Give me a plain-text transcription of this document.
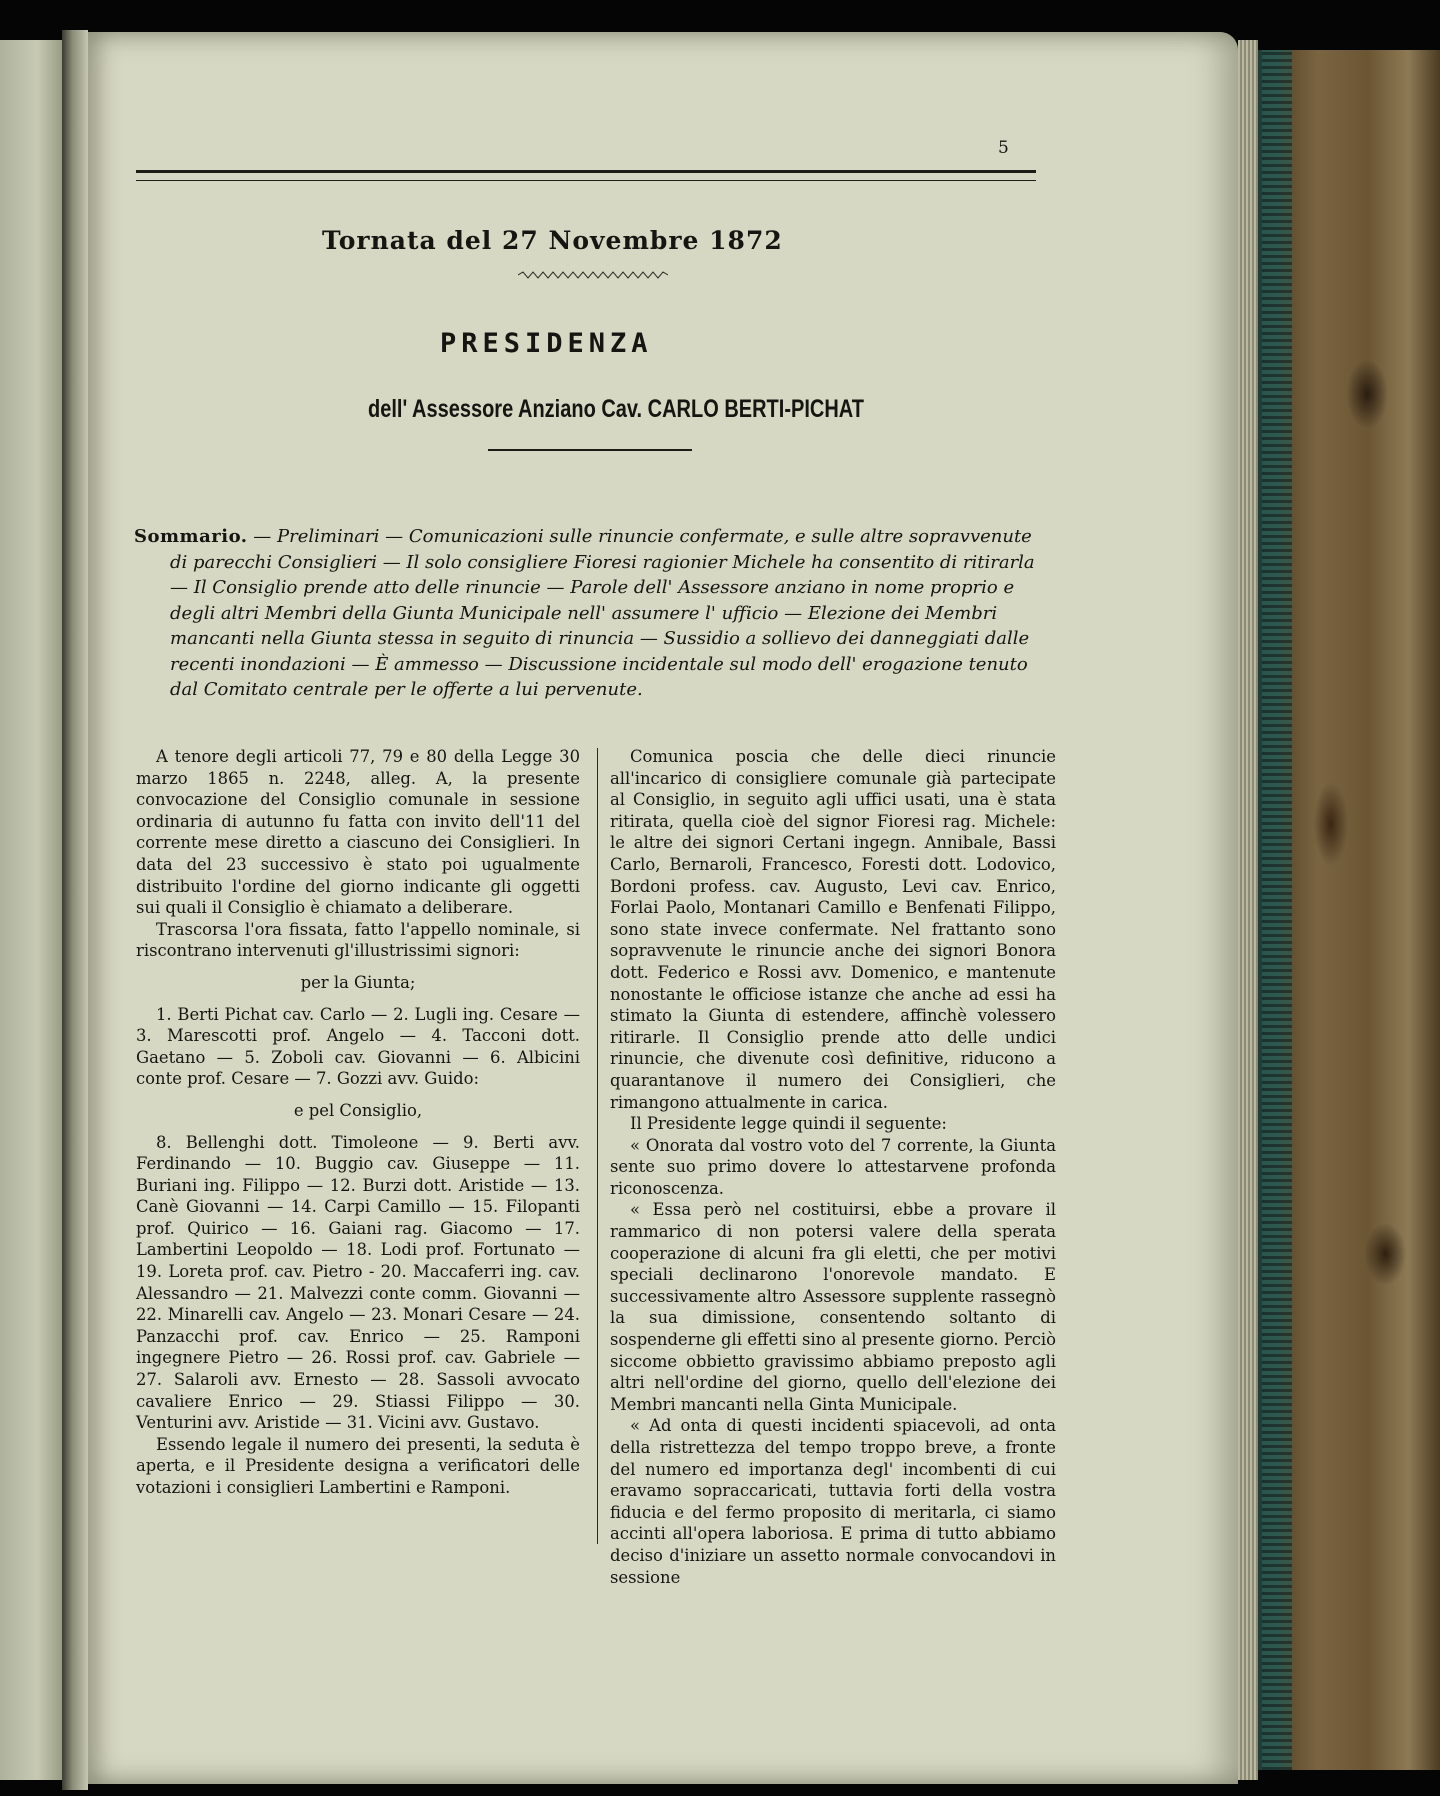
5
Tornata del 27 Novembre 1872
PRESIDENZA
dell' Assessore Anziano Cav. CARLO BERTI-PICHAT

Sommario. — Preliminari — Comunicazioni sulle rinuncie confermate, e sulle altre sopravvenute di parecchi Consiglieri — Il solo consigliere Fioresi ragionier Michele ha consentito di ritirarla — Il Consiglio prende atto delle rinuncie — Parole dell' Assessore anziano in nome proprio e degli altri Membri della Giunta Municipale nell' assumere l' ufficio — Elezione dei Membri mancanti nella Giunta stessa in seguito di rinuncia — Sussidio a sollievo dei danneggiati dalle recenti inondazioni — È ammesso — Discussione incidentale sul modo dell' erogazione tenuto dal Comitato centrale per le offerte a lui pervenute.

A tenore degli articoli 77, 79 e 80 della Legge 30 marzo 1865 n. 2248, alleg. A, la presente convocazione del Consiglio comunale in sessione ordinaria di autunno fu fatta con invito dell'11 del corrente mese diretto a ciascuno dei Consiglieri. In data del 23 successivo è stato poi ugualmente distribuito l'ordine del giorno indicante gli oggetti sui quali il Consiglio è chiamato a deliberare.

Trascorsa l'ora fissata, fatto l'appello nominale, si riscontrano intervenuti gl'illustrissimi signori:

per la Giunta;

1. Berti Pichat cav. Carlo — 2. Lugli ing. Cesare — 3. Marescotti prof. Angelo — 4. Tacconi dott. Gaetano — 5. Zoboli cav. Giovanni — 6. Albicini conte prof. Cesare — 7. Gozzi avv. Guido:

e pel Consiglio,

8. Bellenghi dott. Timoleone — 9. Berti avv. Ferdinando — 10. Buggio cav. Giuseppe — 11. Buriani ing. Filippo — 12. Burzi dott. Aristide — 13. Canè Giovanni — 14. Carpi Camillo — 15. Filopanti prof. Quirico — 16. Gaiani rag. Giacomo — 17. Lambertini Leopoldo — 18. Lodi prof. Fortunato — 19. Loreta prof. cav. Pietro - 20. Maccaferri ing. cav. Alessandro — 21. Malvezzi conte comm. Giovanni — 22. Minarelli cav. Angelo — 23. Monari Cesare — 24. Panzacchi prof. cav. Enrico — 25. Ramponi ingegnere Pietro — 26. Rossi prof. cav. Gabriele — 27. Salaroli avv. Ernesto — 28. Sassoli avvocato cavaliere Enrico — 29. Stiassi Filippo — 30. Venturini avv. Aristide — 31. Vicini avv. Gustavo.

Essendo legale il numero dei presenti, la seduta è aperta, e il Presidente designa a verificatori delle votazioni i consiglieri Lambertini e Ramponi.

Comunica poscia che delle dieci rinuncie all'incarico di consigliere comunale già partecipate al Consiglio, in seguito agli uffici usati, una è stata ritirata, quella cioè del signor Fioresi rag. Michele: le altre dei signori Certani ingegn. Annibale, Bassi Carlo, Bernaroli, Francesco, Foresti dott. Lodovico, Bordoni profess. cav. Augusto, Levi cav. Enrico, Forlai Paolo, Montanari Camillo e Benfenati Filippo, sono state invece confermate. Nel frattanto sono sopravvenute le rinuncie anche dei signori Bonora dott. Federico e Rossi avv. Domenico, e mantenute nonostante le officiose istanze che anche ad essi ha stimato la Giunta di estendere, affinchè volessero ritirarle. Il Consiglio prende atto delle undici rinuncie, che divenute così definitive, riducono a quarantanove il numero dei Consiglieri, che rimangono attualmente in carica.

Il Presidente legge quindi il seguente:

« Onorata dal vostro voto del 7 corrente, la Giunta sente suo primo dovere lo attestarvene profonda riconoscenza.

« Essa però nel costituirsi, ebbe a provare il rammarico di non potersi valere della sperata cooperazione di alcuni fra gli eletti, che per motivi speciali declinarono l'onorevole mandato. E successivamente altro Assessore supplente rassegnò la sua dimissione, consentendo soltanto di sospenderne gli effetti sino al presente giorno. Perciò siccome obbietto gravissimo abbiamo preposto agli altri nell'ordine del giorno, quello dell'elezione dei Membri mancanti nella Ginta Municipale.

« Ad onta di questi incidenti spiacevoli, ad onta della ristrettezza del tempo troppo breve, a fronte del numero ed importanza degl' incombenti di cui eravamo sopraccaricati, tuttavia forti della vostra fiducia e del fermo proposito di meritarla, ci siamo accinti all'opera laboriosa. E prima di tutto abbiamo deciso d'iniziare un assetto normale convocandovi in sessione
